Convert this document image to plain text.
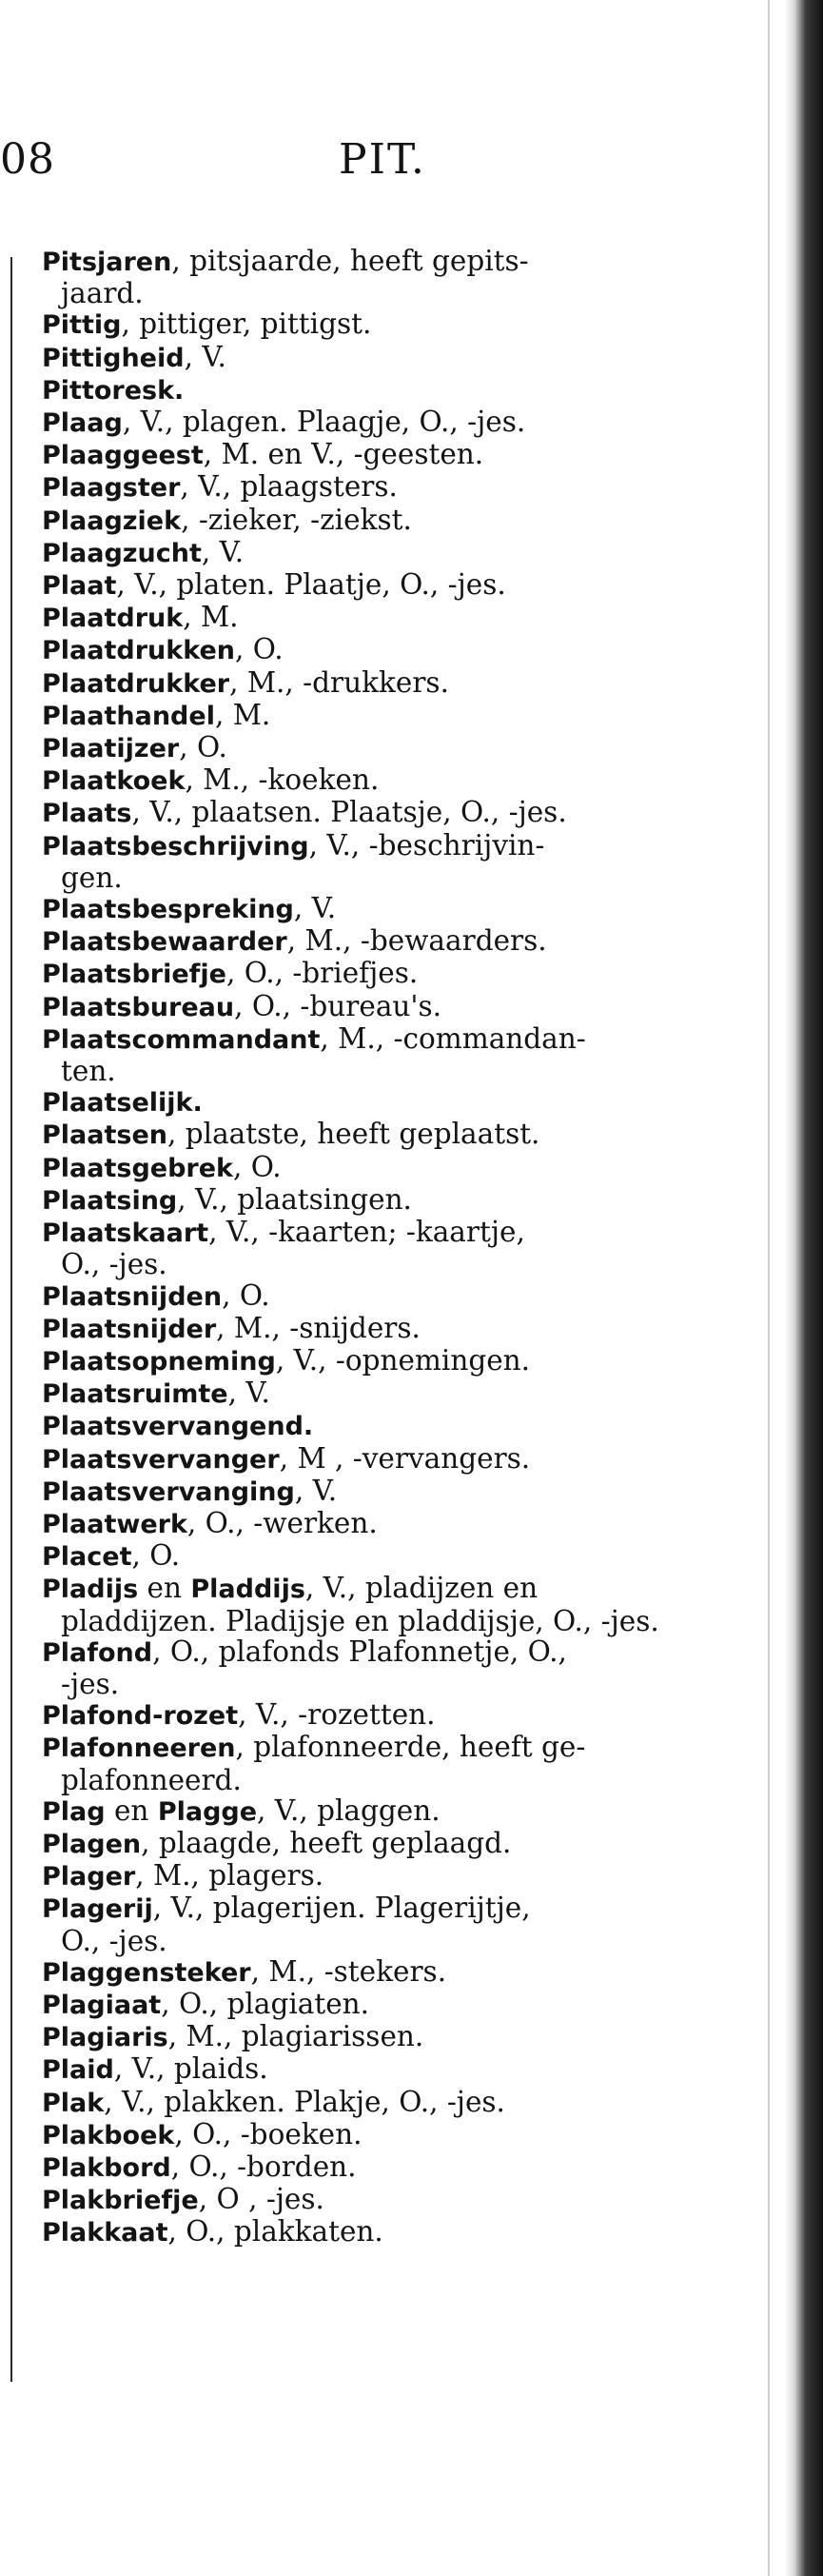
08	PIT.
Pitsjaren, pitsjaarde, heeft gepits-
jaard.
Pittig, pittiger, pittigst.
Pittigheid, V.
Pittoresk.
Plaag, V., plagen. Plaagje, O., -jes.
Plaaggeest, M. en V., -geesten.
Plaagster, V., plaagsters.
Plaagziek, -zieker, -ziekst.
Plaagzucht, V.
Plaat, V., platen. Plaatje, O., -jes.
Plaatdruk, M.
Plaatdrukken, O.
Plaatdrukker, M., -drukkers.
Plaathandel, M.
Plaatijzer, O.
Plaatkoek, M., -koeken.
Plaats, V., plaatsen. Plaatsje, O., -jes.
Plaatsbeschrijving, V., -beschrijvin-
gen.
Plaatsbespreking, V.
Plaatsbewaarder, M., -bewaarders.
Plaatsbriefje, O., -briefjes.
Plaatsbureau, O., -bureau's.
Plaatscommandant, M., -commandan-
ten.
Plaatselijk.
Plaatsen, plaatste, heeft geplaatst.
Plaatsgebrek, O.
Plaatsing, V., plaatsingen.
Plaatskaart, V., -kaarten; -kaartje,
O., -jes.
Plaatsnijden, O.
Plaatsnijder, M., -snijders.
Plaatsopneming, V., -opnemingen.
Plaatsruimte, V.
Plaatsvervangend.
Plaatsvervanger, M , -vervangers.
Plaatsvervanging, V.
Plaatwerk, O., -werken.
Placet, O.
Pladijs en Pladdijs, V., pladijzen en
pladdijzen. Pladijsje en pladdijsje, O., -jes.
Plafond, O., plafonds Plafonnetje, O.,
-jes.
Plafond-rozet, V., -rozetten.
Plafonneeren, plafonneerde, heeft ge-
plafonneerd.
Plag en Plagge, V., plaggen.
Plagen, plaagde, heeft geplaagd.
Plager, M., plagers.
Plagerij, V., plagerijen. Plagerijtje,
O., -jes.
Plaggensteker, M., -stekers.
Plagiaat, O., plagiaten.
Plagiaris, M., plagiarissen.
Plaid, V., plaids.
Plak, V., plakken. Plakje, O., -jes.
Plakboek, O., -boeken.
Plakbord, O., -borden.
Plakbriefje, O , -jes.
Plakkaat, O., plakkaten.
